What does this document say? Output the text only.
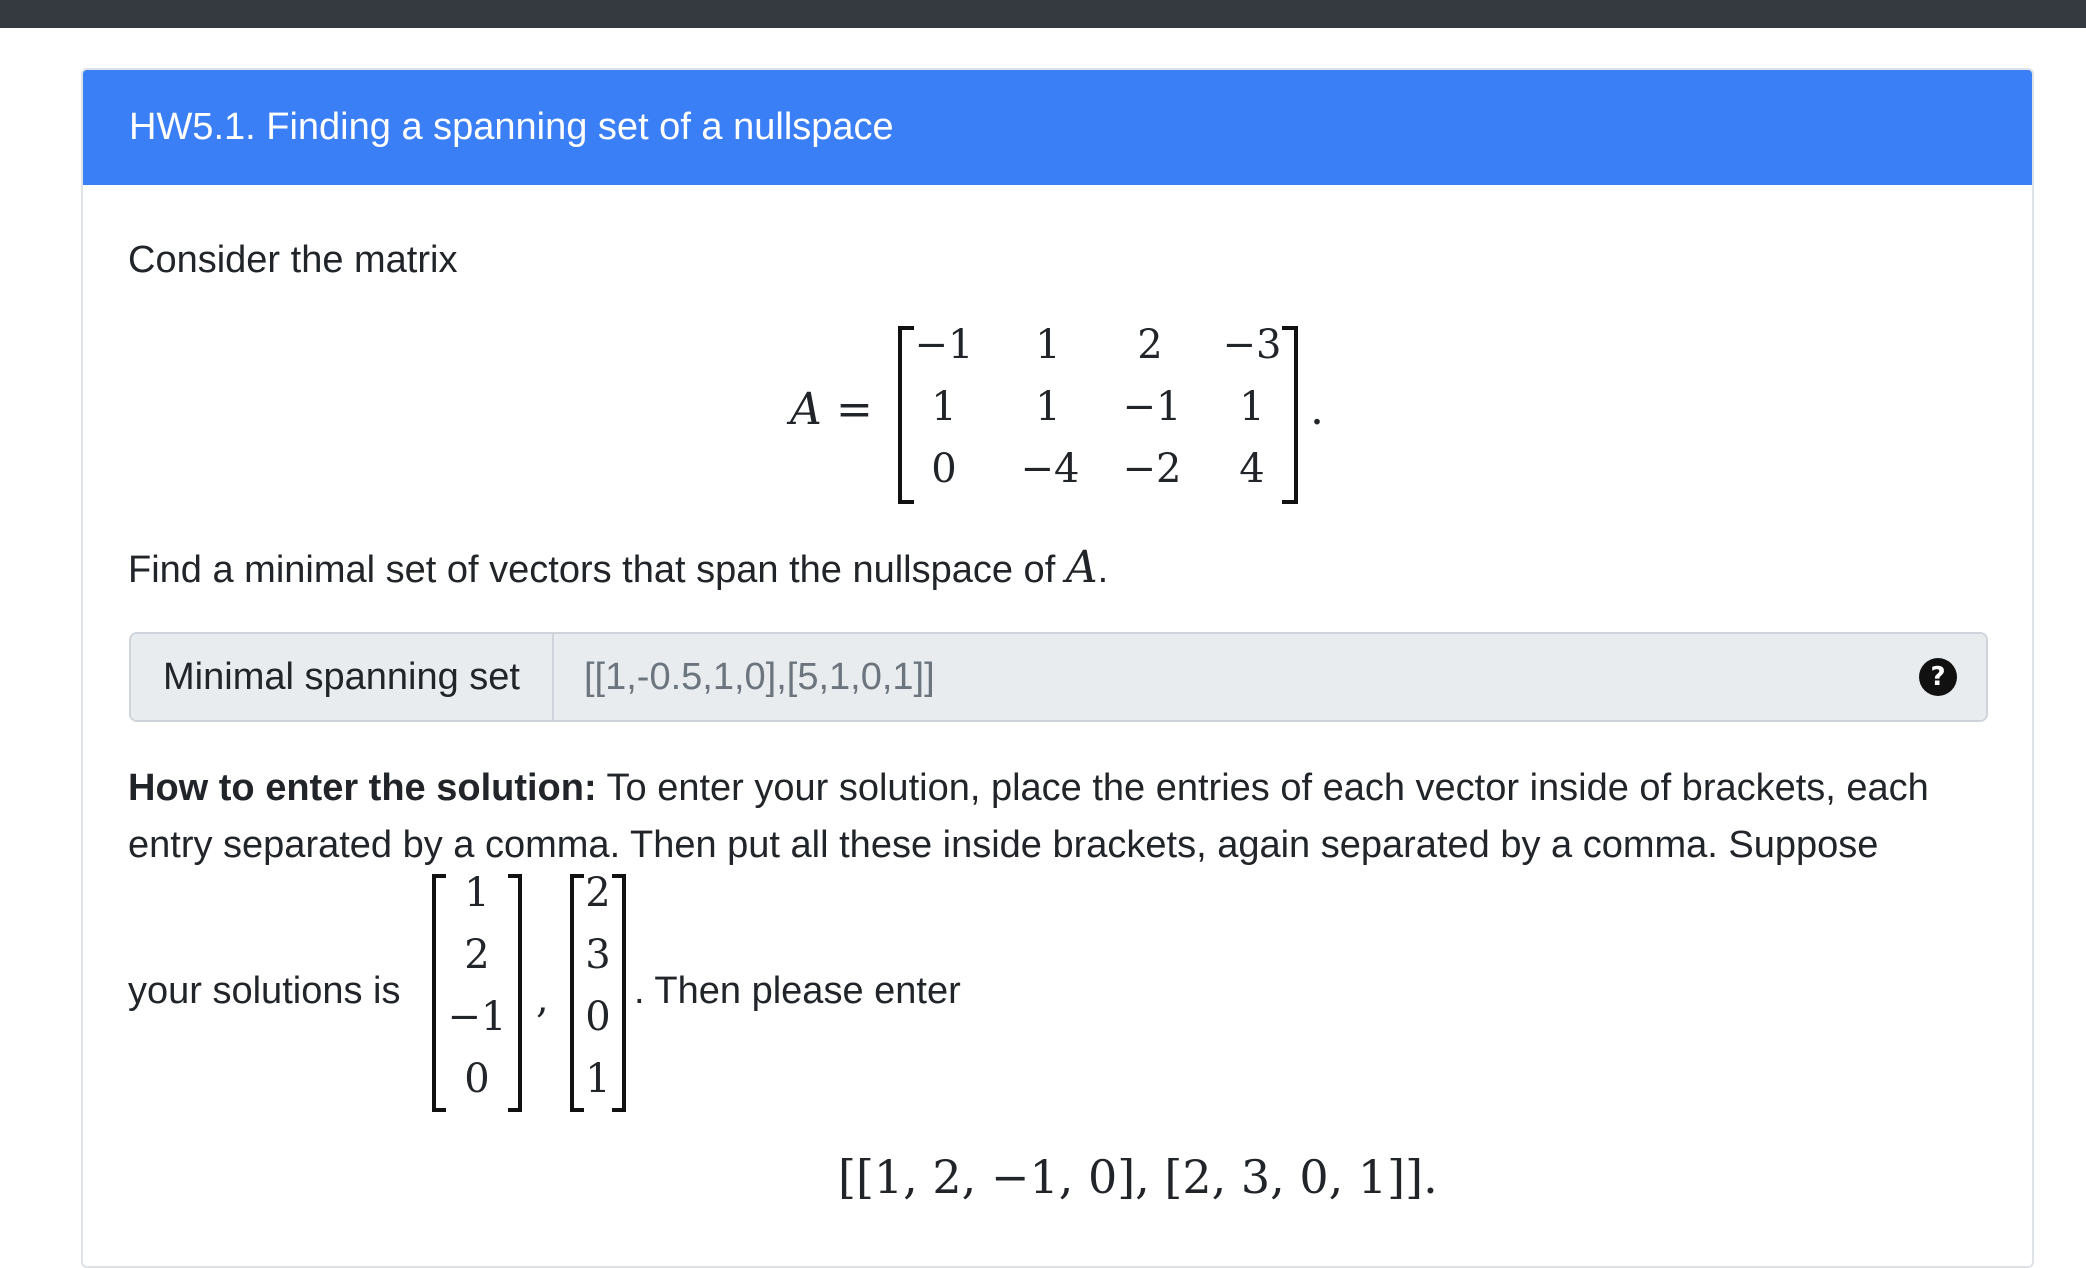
HW5.1. Finding a spanning set of a nullspace
Consider the matrix
A =
−1	1	2	−3
1	1	−1	1
0	−4 −2	4
.
Find a minimal set of vectors that span the nullspace of A.
Minimal spanning set	[[1,-0.5,1,0],[5,1,0,1]]	?
How to enter the solution: To enter your solution, place the entries of each vector inside of brackets, each
entry separated by a comma. Then put all these inside brackets, again separated by a comma. Suppose
your solutions is
1
2
−1
0
,
2
3
0
1
. Then please enter
[[1, 2, −1, 0], [2, 3, 0, 1]].
